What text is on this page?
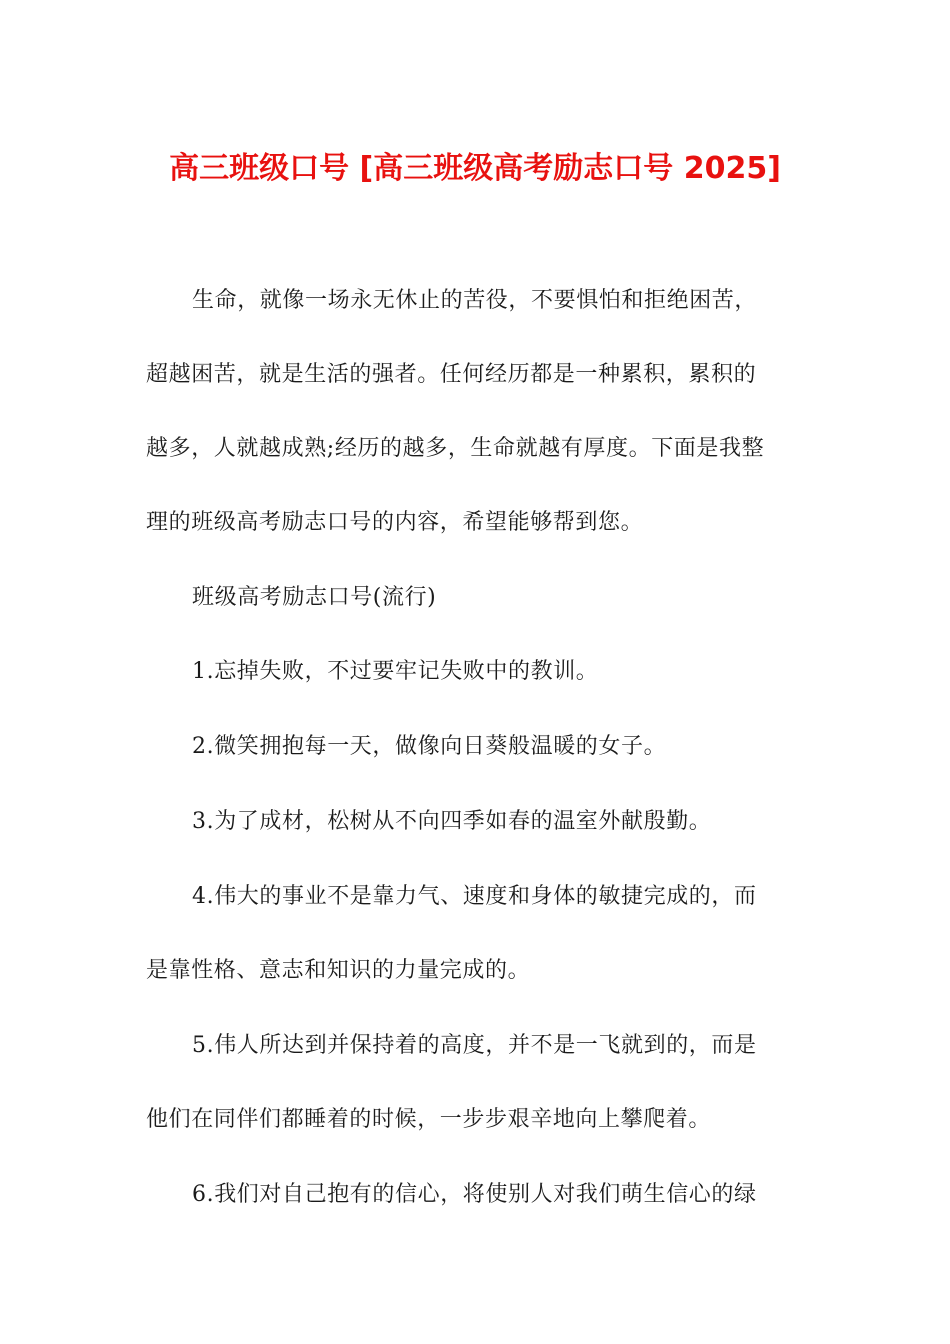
高三班级口号 [高三班级高考励志口号 2025]

生命，就像一场永无休止的苦役，不要惧怕和拒绝困苦，

超越困苦，就是生活的强者。任何经历都是一种累积，累积的

越多，人就越成熟;经历的越多，生命就越有厚度。下面是我整

理的班级高考励志口号的内容，希望能够帮到您。

班级高考励志口号(流行)

1.忘掉失败，不过要牢记失败中的教训。

2.微笑拥抱每一天，做像向日葵般温暖的女子。

3.为了成材，松树从不向四季如春的温室外献殷勤。

4.伟大的事业不是靠力气、速度和身体的敏捷完成的，而

是靠性格、意志和知识的力量完成的。

5.伟人所达到并保持着的高度，并不是一飞就到的，而是

他们在同伴们都睡着的时候，一步步艰辛地向上攀爬着。

6.我们对自己抱有的信心，将使别人对我们萌生信心的绿
